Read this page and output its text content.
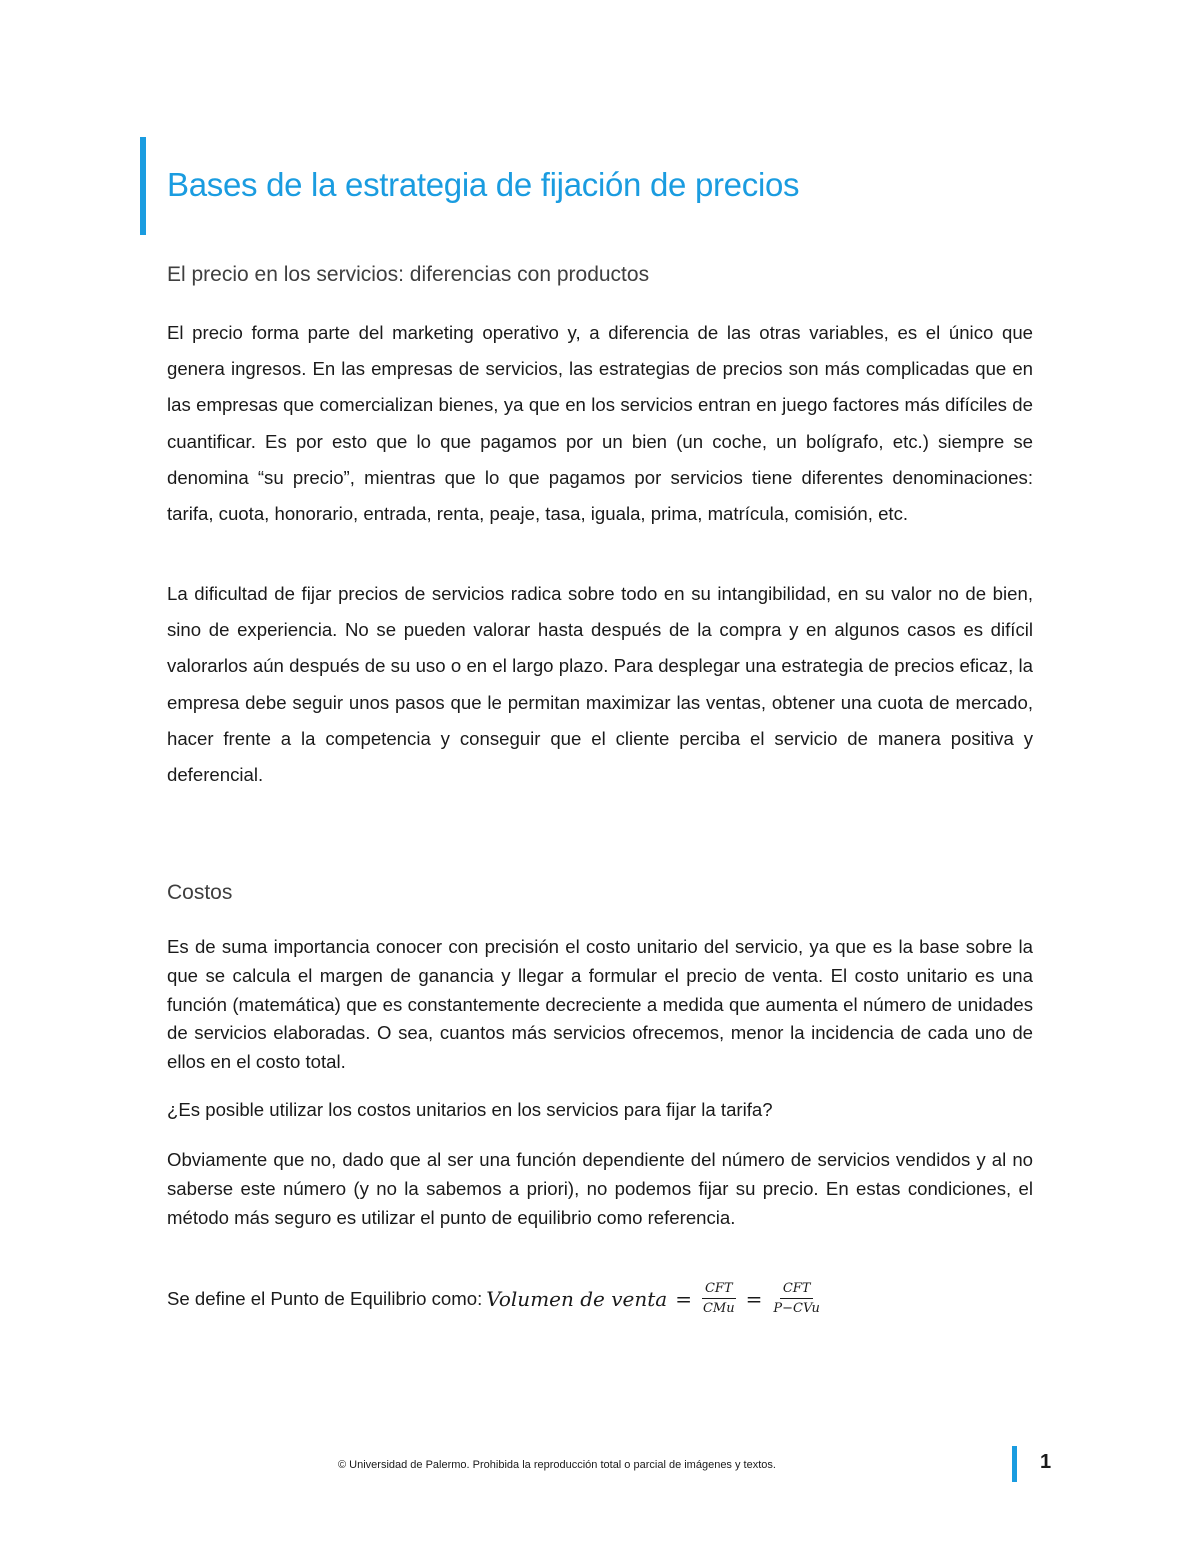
Bases de la estrategia de fijación de precios
El precio en los servicios: diferencias con productos

El precio forma parte del marketing operativo y, a diferencia de las otras variables, es el único que genera ingresos. En las empresas de servicios, las estrategias de precios son más complicadas que en las empresas que comercializan bienes, ya que en los servicios entran en juego factores más difíciles de cuantificar. Es por esto que lo que pagamos por un bien (un coche, un bolígrafo, etc.) siempre se denomina “su precio”, mientras que lo que pagamos por servicios tiene diferentes denominaciones: tarifa, cuota, honorario, entrada, renta, peaje, tasa, iguala, prima, matrícula, comisión, etc.

La dificultad de fijar precios de servicios radica sobre todo en su intangibilidad, en su valor no de bien, sino de experiencia. No se pueden valorar hasta después de la compra y en algunos casos es difícil valorarlos aún después de su uso o en el largo plazo. Para desplegar una estrategia de precios eficaz, la empresa debe seguir unos pasos que le permitan maximizar las ventas, obtener una cuota de mercado, hacer frente a la competencia y conseguir que el cliente perciba el servicio de manera positiva y deferencial.

Costos

Es de suma importancia conocer con precisión el costo unitario del servicio, ya que es la base sobre la que se calcula el margen de ganancia y llegar a formular el precio de venta. El costo unitario es una función (matemática) que es constantemente decreciente a medida que aumenta el número de unidades de servicios elaboradas. O sea, cuantos más servicios ofrecemos, menor la incidencia de cada uno de ellos en el costo total.

¿Es posible utilizar los costos unitarios en los servicios para fijar la tarifa?

Obviamente que no, dado que al ser una función dependiente del número de servicios vendidos y al no saberse este número (y no la sabemos a priori), no podemos fijar su precio. En estas condiciones, el método más seguro es utilizar el punto de equilibrio como referencia.

Se define el Punto de Equilibrio como: Volumen de venta = $\frac{\text{CFT}}{\text{CMu}} = \frac{\text{CFT}}{\text{P−CVu}}$
© Universidad de Palermo. Prohibida la reproducción total o parcial de imágenes y textos.	1
